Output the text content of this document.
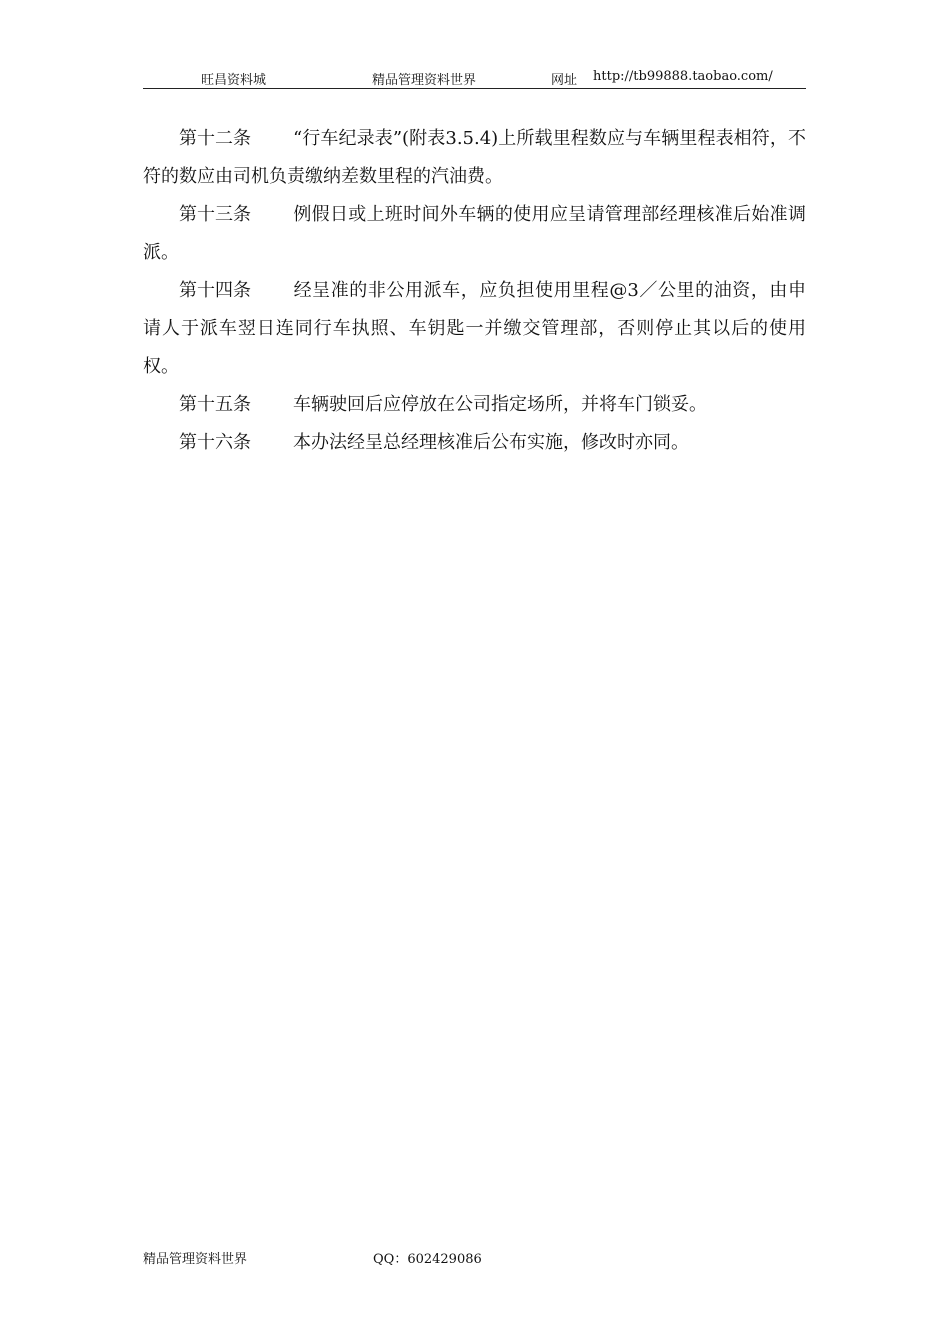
旺昌资料城	精品管理资料世界	网址 http://tb99888.taobao.com/

第十二条 “行车纪录表”(附表3.5.4)上所载里程数应与车辆里程表相符，不符的数应由司机负责缴纳差数里程的汽油费。

第十三条 例假日或上班时间外车辆的使用应呈请管理部经理核准后始准调派。

第十四条 经呈准的非公用派车，应负担使用里程@3／公里的油资，由申请人于派车翌日连同行车执照、车钥匙一并缴交管理部，否则停止其以后的使用权。

第十五条 车辆驶回后应停放在公司指定场所，并将车门锁妥。

第十六条 本办法经呈总经理核准后公布实施，修改时亦同。

精品管理资料世界	QQ：602429086
